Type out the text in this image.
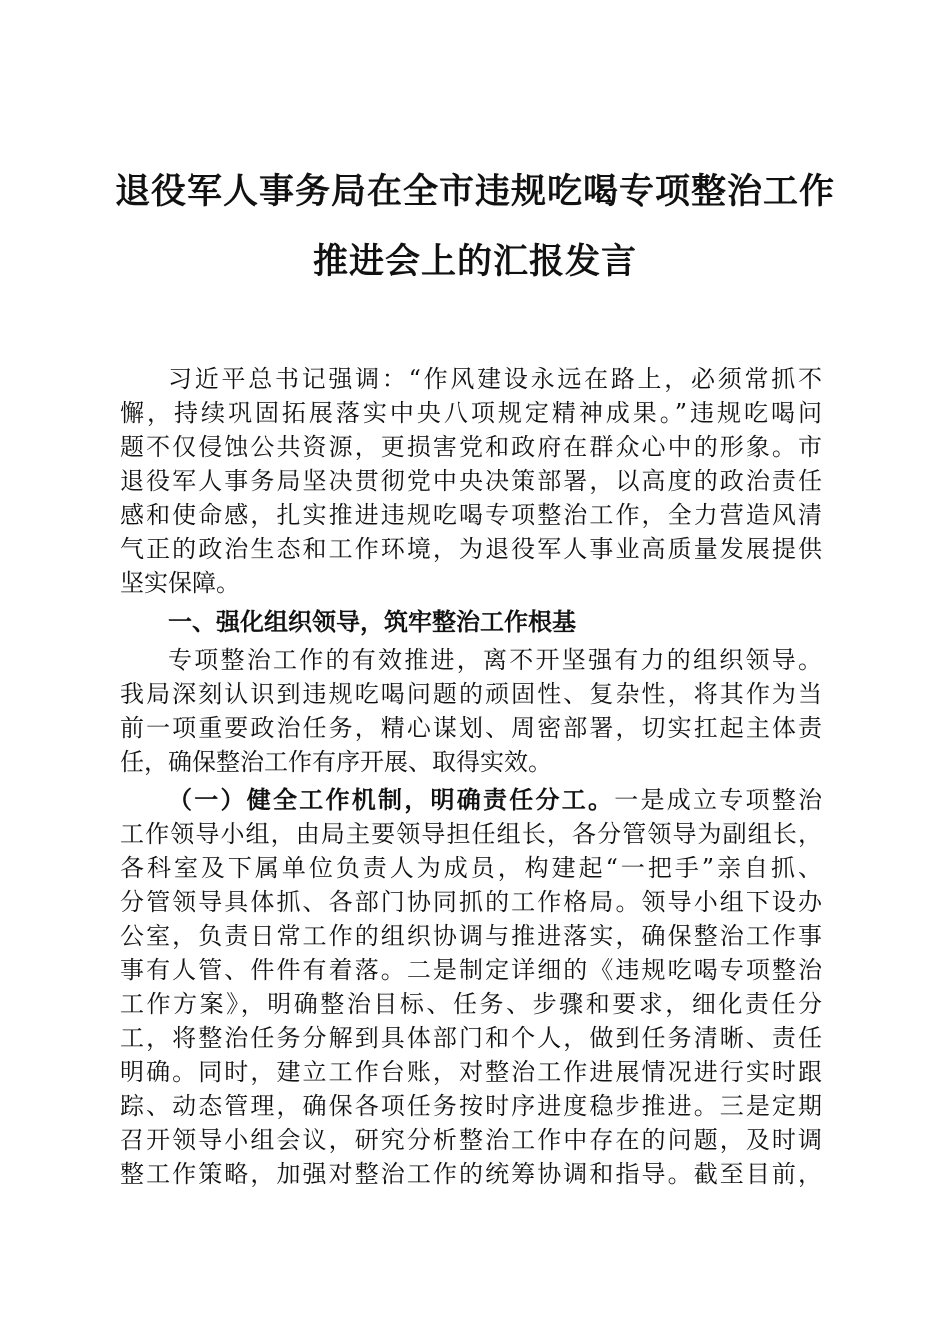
退役军人事务局在全市违规吃喝专项整治工作
推进会上的汇报发言
习近平总书记强调：“作风建设永远在路上，必须常抓不
懈，持续巩固拓展落实中央八项规定精神成果。”违规吃喝问
题不仅侵蚀公共资源，更损害党和政府在群众心中的形象。市
退役军人事务局坚决贯彻党中央决策部署，以高度的政治责任
感和使命感，扎实推进违规吃喝专项整治工作，全力营造风清
气正的政治生态和工作环境，为退役军人事业高质量发展提供
坚实保障。
一、强化组织领导，筑牢整治工作根基
专项整治工作的有效推进，离不开坚强有力的组织领导。
我局深刻认识到违规吃喝问题的顽固性、复杂性，将其作为当
前一项重要政治任务，精心谋划、周密部署，切实扛起主体责
任，确保整治工作有序开展、取得实效。
（一）健全工作机制，明确责任分工。一是成立专项整治
工作领导小组，由局主要领导担任组长，各分管领导为副组长，
各科室及下属单位负责人为成员，构建起“一把手”亲自抓、
分管领导具体抓、各部门协同抓的工作格局。领导小组下设办
公室，负责日常工作的组织协调与推进落实，确保整治工作事
事有人管、件件有着落。二是制定详细的《违规吃喝专项整治
工作方案》，明确整治目标、任务、步骤和要求，细化责任分
工，将整治任务分解到具体部门和个人，做到任务清晰、责任
明确。同时，建立工作台账，对整治工作进展情况进行实时跟
踪、动态管理，确保各项任务按时序进度稳步推进。三是定期
召开领导小组会议，研究分析整治工作中存在的问题，及时调
整工作策略，加强对整治工作的统筹协调和指导。截至目前，
